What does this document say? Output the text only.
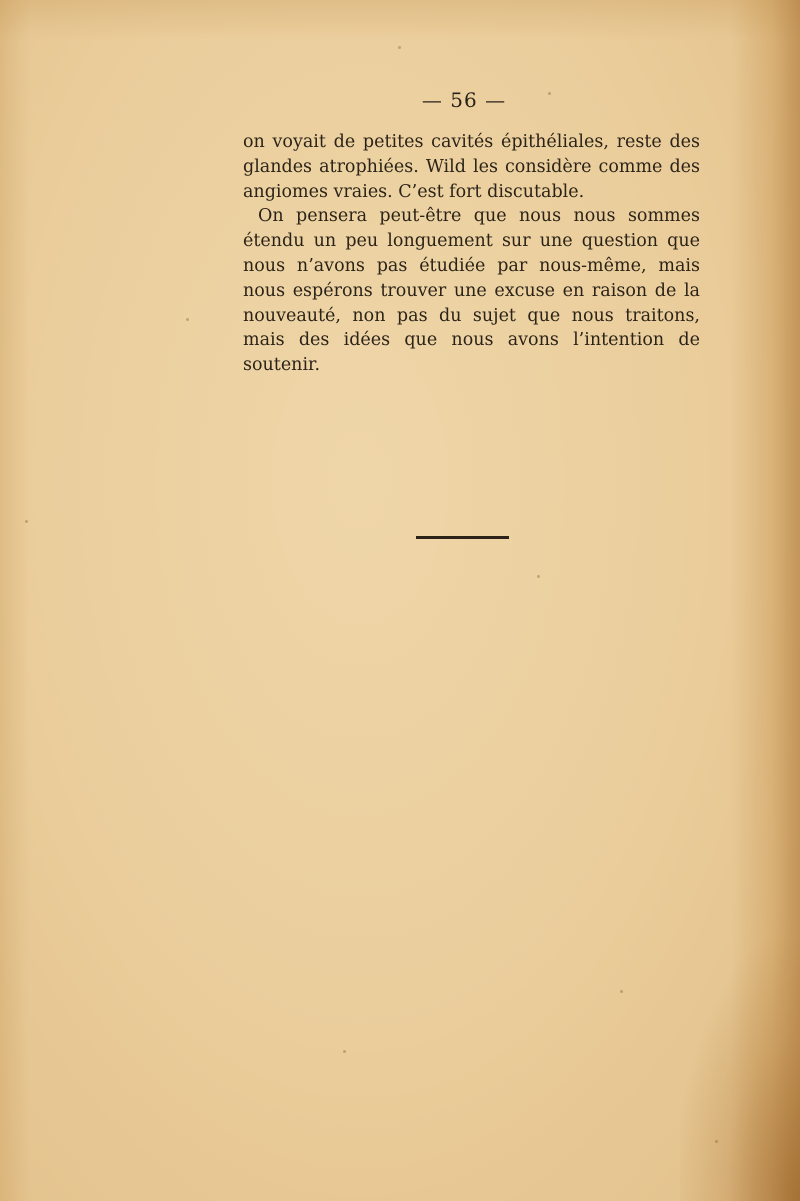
— 56 —

on voyait de petites cavités épithéliales, reste des glandes atrophiées. Wild les considère comme des angiomes vraies. C’est fort discutable.

On pensera peut-être que nous nous sommes étendu un peu longuement sur une question que nous n’avons pas étudiée par nous-même, mais nous espérons trouver une excuse en raison de la nouveauté, non pas du sujet que nous traitons, mais des idées que nous avons l’intention de soutenir.
